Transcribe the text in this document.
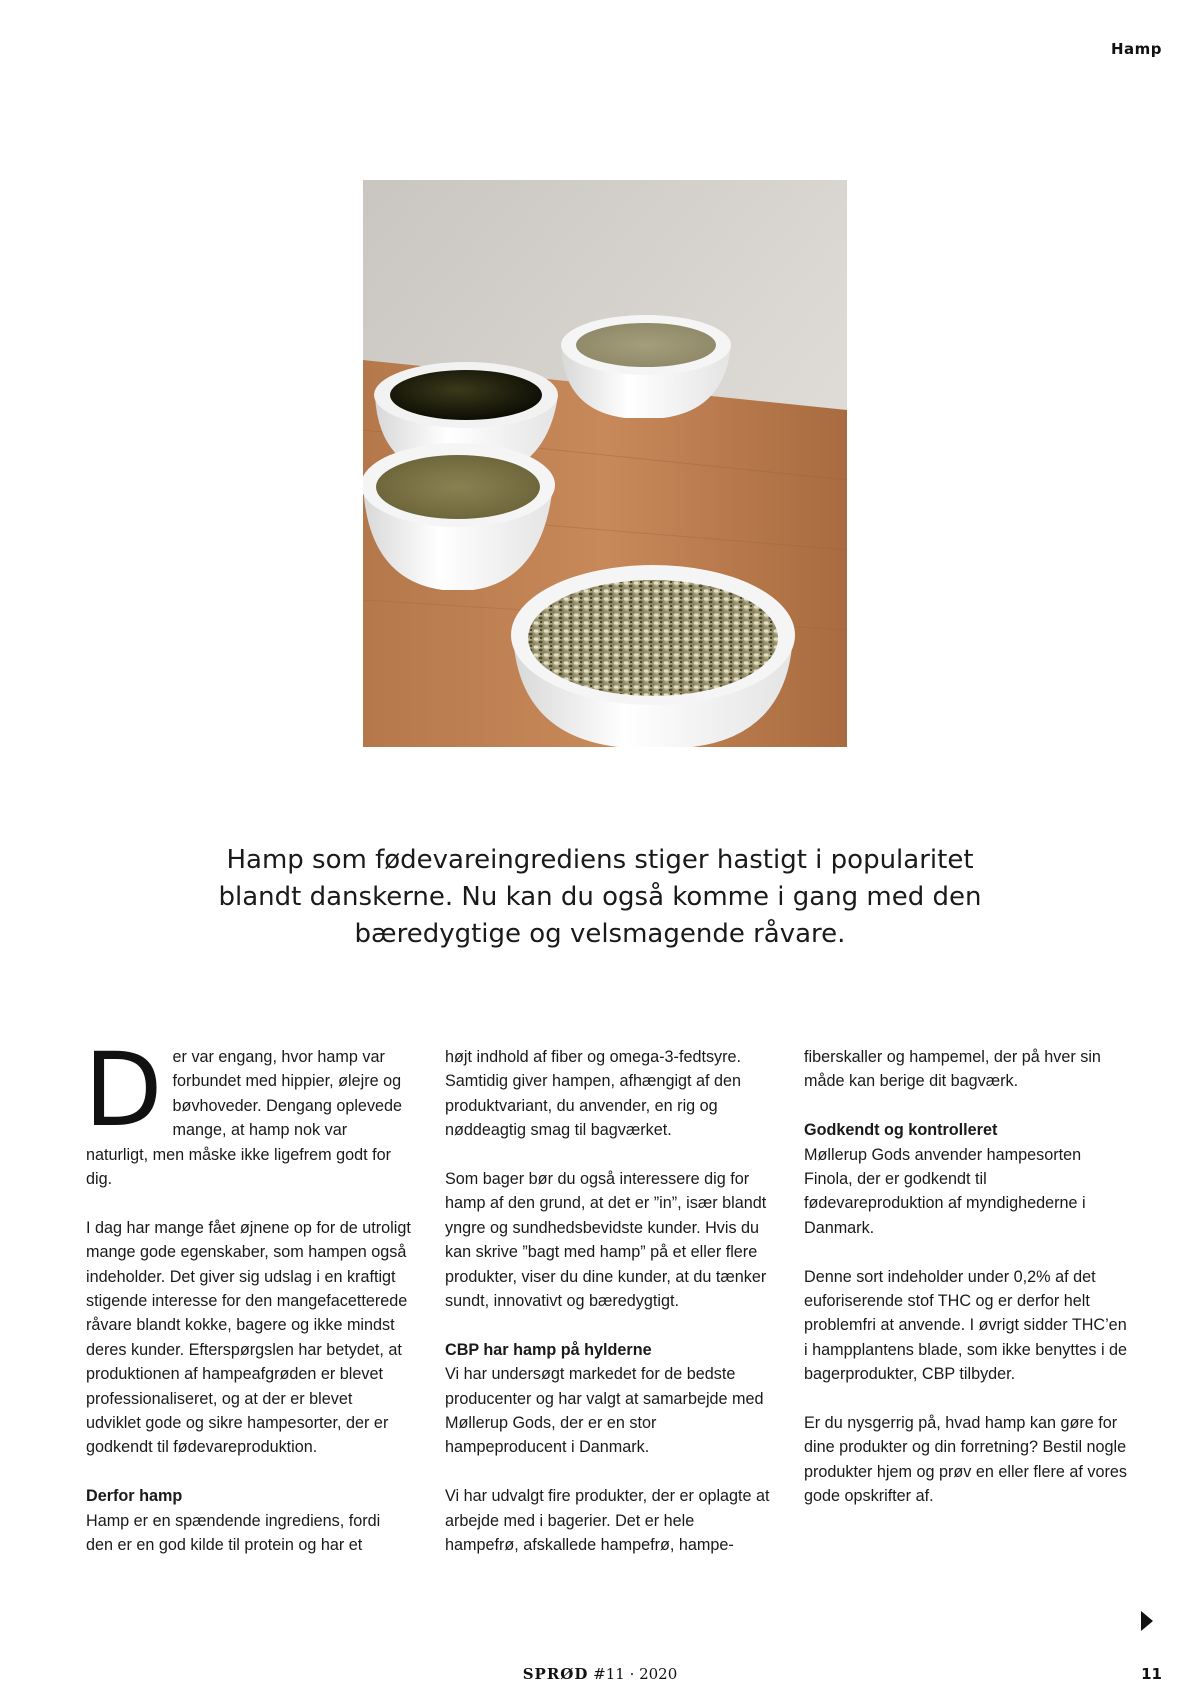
Hamp

Hamp som fødevareingrediens stiger hastigt i popularitet blandt danskerne. Nu kan du også komme i gang med den bæredygtige og velsmagende råvare.

Der var engang, hvor hamp var forbundet med hippier, ølejre og bøvhoveder. Dengang oplevede mange, at hamp nok var naturligt, men måske ikke ligefrem godt for dig.

I dag har mange fået øjnene op for de utroligt mange gode egenskaber, som hampen også indeholder. Det giver sig udslag i en kraftigt stigende interesse for den mangefacetterede råvare blandt kokke, bagere og ikke mindst deres kunder. Efterspørgslen har betydet, at produktionen af hampeafgrøden er blevet professionaliseret, og at der er blevet udviklet gode og sikre hampesorter, der er godkendt til fødevareproduktion.

Derfor hamp

Hamp er en spændende ingrediens, fordi den er en god kilde til protein og har et

højt indhold af fiber og omega-3-fedtsyre. Samtidig giver hampen, afhængigt af den produktvariant, du anvender, en rig og nøddeagtig smag til bagværket.

Som bager bør du også interessere dig for hamp af den grund, at det er ”in”, især blandt yngre og sundhedsbevidste kunder. Hvis du kan skrive ”bagt med hamp” på et eller flere produkter, viser du dine kunder, at du tænker sundt, innovativt og bæredygtigt.

CBP har hamp på hylderne

Vi har undersøgt markedet for de bedste producenter og har valgt at samarbejde med Møllerup Gods, der er en stor hampeproducent i Danmark.

Vi har udvalgt fire produkter, der er oplagte at arbejde med i bagerier. Det er hele hampefrø, afskallede hampefrø, hampe-

fiberskaller og hampemel, der på hver sin måde kan berige dit bagværk.

Godkendt og kontrolleret

Møllerup Gods anvender hampesorten Finola, der er godkendt til fødevareproduktion af myndighederne i Danmark.

Denne sort indeholder under 0,2% af det euforiserende stof THC og er derfor helt problemfri at anvende. I øvrigt sidder THC’en i hampplantens blade, som ikke benyttes i de bagerprodukter, CBP tilbyder.

Er du nysgerrig på, hvad hamp kan gøre for dine produkter og din forretning? Bestil nogle produkter hjem og prøv en eller flere af vores gode opskrifter af.

SPRØD #11 · 2020	11
